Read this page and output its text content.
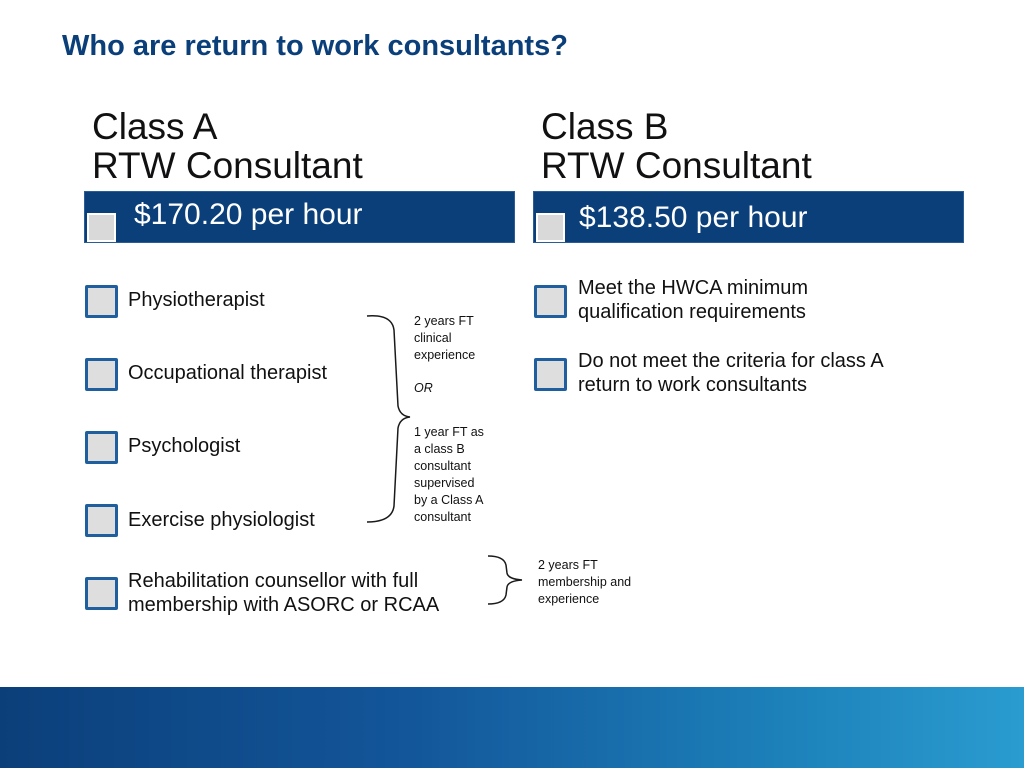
Who are return to work consultants?
Class A
RTW Consultant
Class B
RTW Consultant
$170.20 per hour	$138.50 per hour
Physiotherapist
Occupational therapist
Psychologist
Exercise physiologist
Rehabilitation counsellor with full
membership with ASORC or RCAA
2 years FT
clinical
experience
OR
1 year FT as
a class B
consultant
supervised
by a Class A
consultant
2 years FT
membership and
experience
Meet the HWCA minimum
qualification requirements
Do not meet the criteria for class A
return to work consultants
